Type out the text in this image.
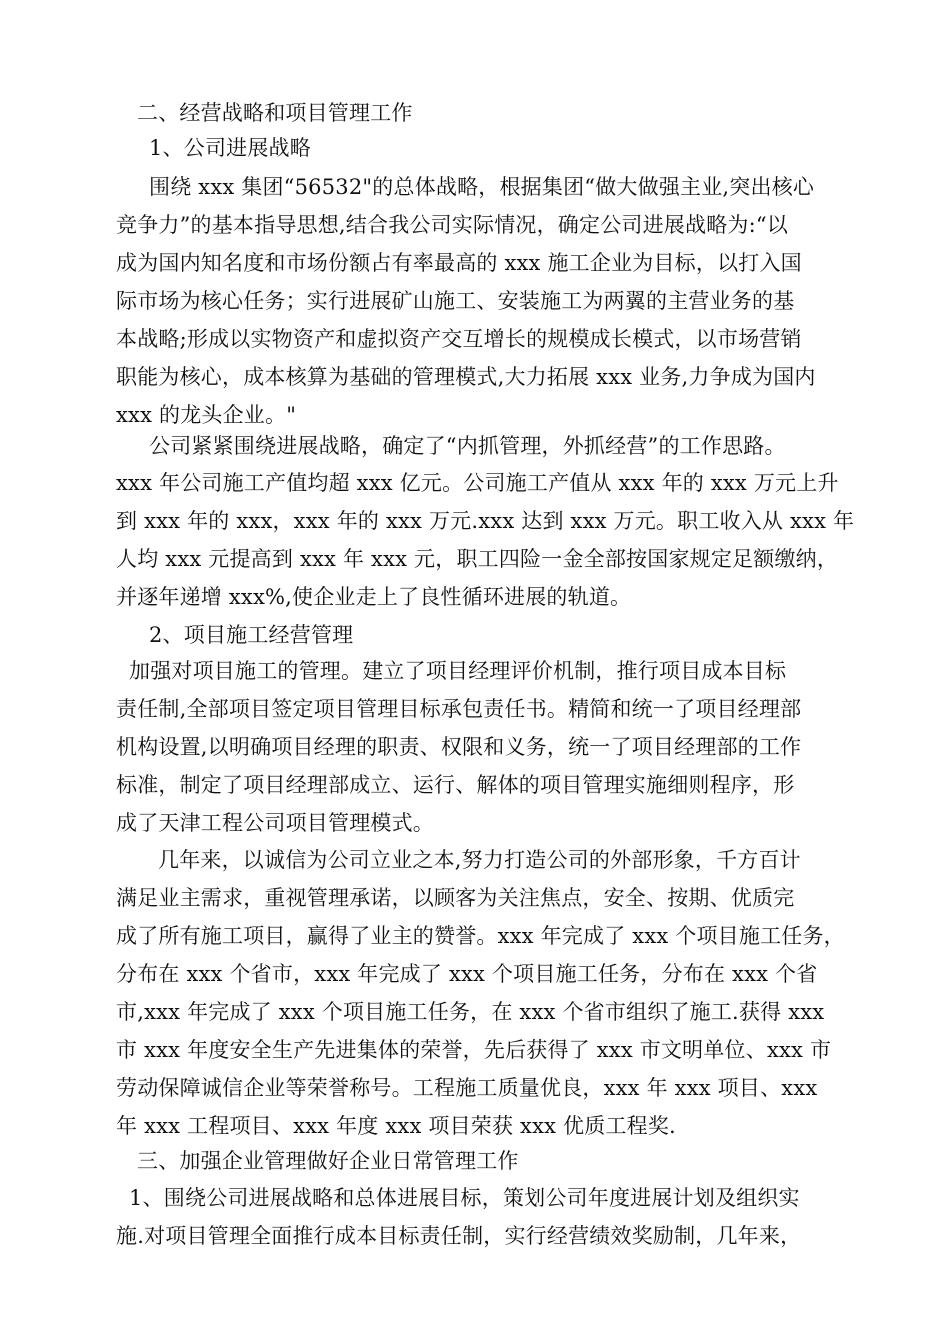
二、经营战略和项目管理工作
1、公司进展战略
围绕 xxx 集团“56532"的总体战略，根据集团“做大做强主业,突出核心
竞争力”的基本指导思想,结合我公司实际情况，确定公司进展战略为:“以
成为国内知名度和市场份额占有率最高的 xxx 施工企业为目标，以打入国
际市场为核心任务；实行进展矿山施工、安装施工为两翼的主营业务的基
本战略;形成以实物资产和虚拟资产交互增长的规模成长模式，以市场营销
职能为核心，成本核算为基础的管理模式,大力拓展 xxx 业务,力争成为国内
xxx 的龙头企业。"
公司紧紧围绕进展战略，确定了“内抓管理，外抓经营”的工作思路。
xxx 年公司施工产值均超 xxx 亿元。公司施工产值从 xxx 年的 xxx 万元上升
到 xxx 年的 xxx，xxx 年的 xxx 万元.xxx 达到 xxx 万元。职工收入从 xxx 年
人均 xxx 元提高到 xxx 年 xxx 元，职工四险一金全部按国家规定足额缴纳，
并逐年递增 xxx%,使企业走上了良性循环进展的轨道。
2、项目施工经营管理
加强对项目施工的管理。建立了项目经理评价机制，推行项目成本目标
责任制,全部项目签定项目管理目标承包责任书。精简和统一了项目经理部
机构设置,以明确项目经理的职责、权限和义务，统一了项目经理部的工作
标准，制定了项目经理部成立、运行、解体的项目管理实施细则程序，形
成了天津工程公司项目管理模式。
几年来，以诚信为公司立业之本,努力打造公司的外部形象，千方百计
满足业主需求，重视管理承诺，以顾客为关注焦点，安全、按期、优质完
成了所有施工项目，赢得了业主的赞誉。xxx 年完成了 xxx 个项目施工任务，
分布在 xxx 个省市，xxx 年完成了 xxx 个项目施工任务，分布在 xxx 个省
市,xxx 年完成了 xxx 个项目施工任务，在 xxx 个省市组织了施工.获得 xxx
市 xxx 年度安全生产先进集体的荣誉，先后获得了 xxx 市文明单位、xxx 市
劳动保障诚信企业等荣誉称号。工程施工质量优良，xxx 年 xxx 项目、xxx
年 xxx 工程项目、xxx 年度 xxx 项目荣获 xxx 优质工程奖.
三、加强企业管理做好企业日常管理工作
1、围绕公司进展战略和总体进展目标，策划公司年度进展计划及组织实
施.对项目管理全面推行成本目标责任制，实行经营绩效奖励制，几年来，
